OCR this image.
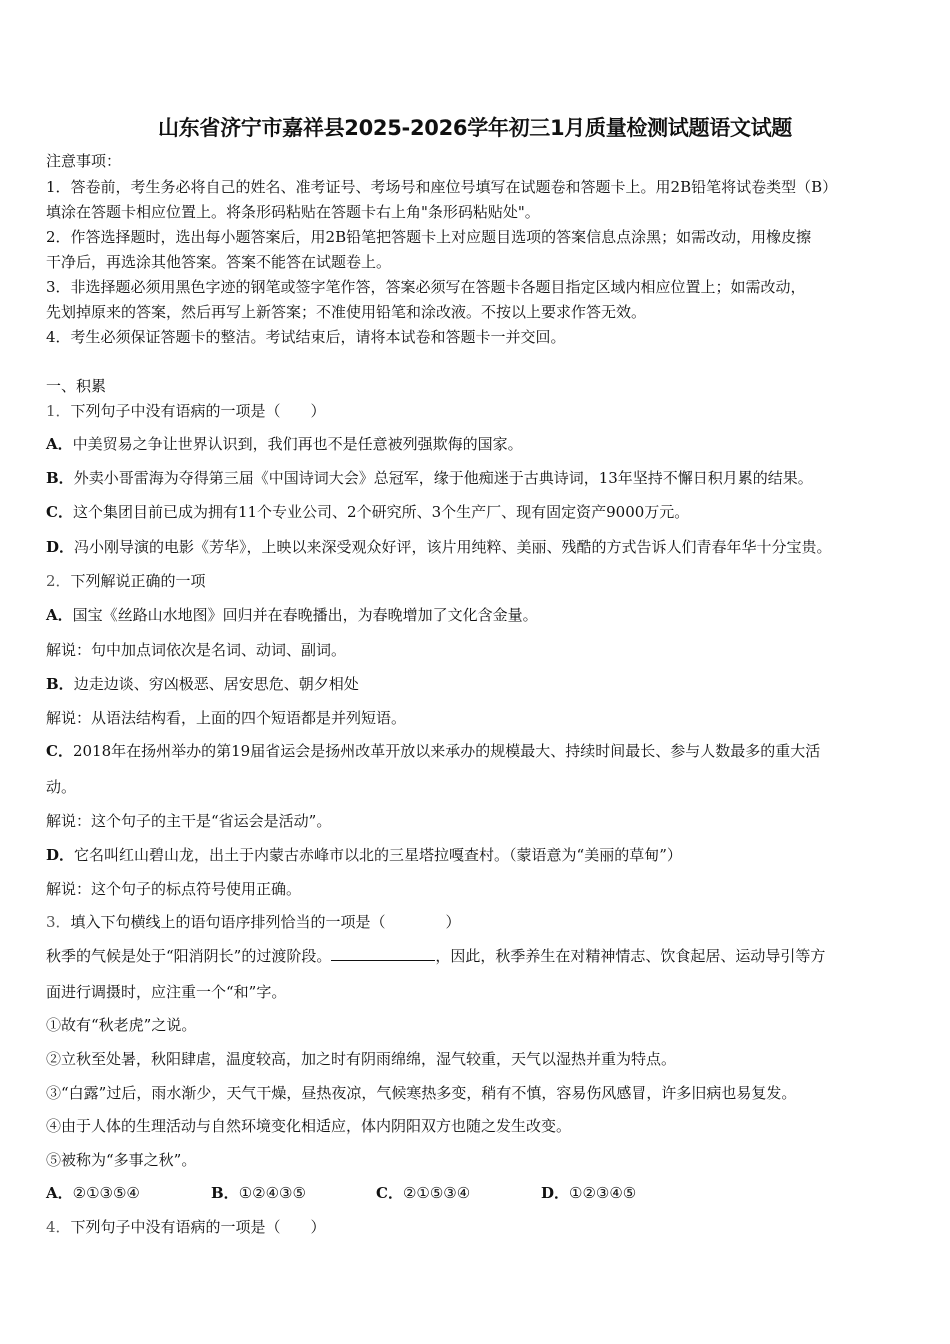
山东省济宁市嘉祥县2025-2026学年初三1月质量检测试题语文试题
注意事项：
1．答卷前，考生务必将自己的姓名、准考证号、考场号和座位号填写在试题卷和答题卡上。用2B铅笔将试卷类型（B）
填涂在答题卡相应位置上。将条形码粘贴在答题卡右上角"条形码粘贴处"。
2．作答选择题时，选出每小题答案后，用2B铅笔把答题卡上对应题目选项的答案信息点涂黑；如需改动，用橡皮擦
干净后，再选涂其他答案。答案不能答在试题卷上。
3．非选择题必须用黑色字迹的钢笔或签字笔作答，答案必须写在答题卡各题目指定区域内相应位置上；如需改动，
先划掉原来的答案，然后再写上新答案；不准使用铅笔和涂改液。不按以上要求作答无效。
4．考生必须保证答题卡的整洁。考试结束后，请将本试卷和答题卡一并交回。
一、积累
1．下列句子中没有语病的一项是（　　）
A．中美贸易之争让世界认识到，我们再也不是任意被列强欺侮的国家。
B．外卖小哥雷海为夺得第三届《中国诗词大会》总冠军，缘于他痴迷于古典诗词，13年坚持不懈日积月累的结果。
C．这个集团目前已成为拥有11个专业公司、2个研究所、3个生产厂、现有固定资产9000万元。
D．冯小刚导演的电影《芳华》，上映以来深受观众好评，该片用纯粹、美丽、残酷的方式告诉人们青春年华十分宝贵。
2．下列解说正确的一项
A．国宝《丝路山水地图》回归并在春晚播出，为春晚增加了文化含金量。
解说：句中加点词依次是名词、动词、副词。
B．边走边谈、穷凶极恶、居安思危、朝夕相处
解说：从语法结构看，上面的四个短语都是并列短语。
C．2018年在扬州举办的第19届省运会是扬州改革开放以来承办的规模最大、持续时间最长、参与人数最多的重大活
动。
解说：这个句子的主干是“省运会是活动”。
D．它名叫红山碧山龙，出土于内蒙古赤峰市以北的三星塔拉嘎查村。（蒙语意为“美丽的草甸”）
解说：这个句子的标点符号使用正确。
3．填入下句横线上的语句语序排列恰当的一项是（　　　　）
秋季的气候是处于“阳消阴长”的过渡阶段。	，因此，秋季养生在对精神情志、饮食起居、运动导引等方
面进行调摄时，应注重一个“和”字。
①故有“秋老虎”之说。
②立秋至处暑，秋阳肆虐，温度较高，加之时有阴雨绵绵，湿气较重，天气以湿热并重为特点。
③“白露”过后，雨水渐少，天气干燥，昼热夜凉，气候寒热多变，稍有不慎，容易伤风感冒，许多旧病也易复发。
④由于人体的生理活动与自然环境变化相适应，体内阴阳双方也随之发生改变。
⑤被称为“多事之秋”。
A．②①③⑤④	B．①②④③⑤	C．②①⑤③④	D．①②③④⑤
4．下列句子中没有语病的一项是（　　）
